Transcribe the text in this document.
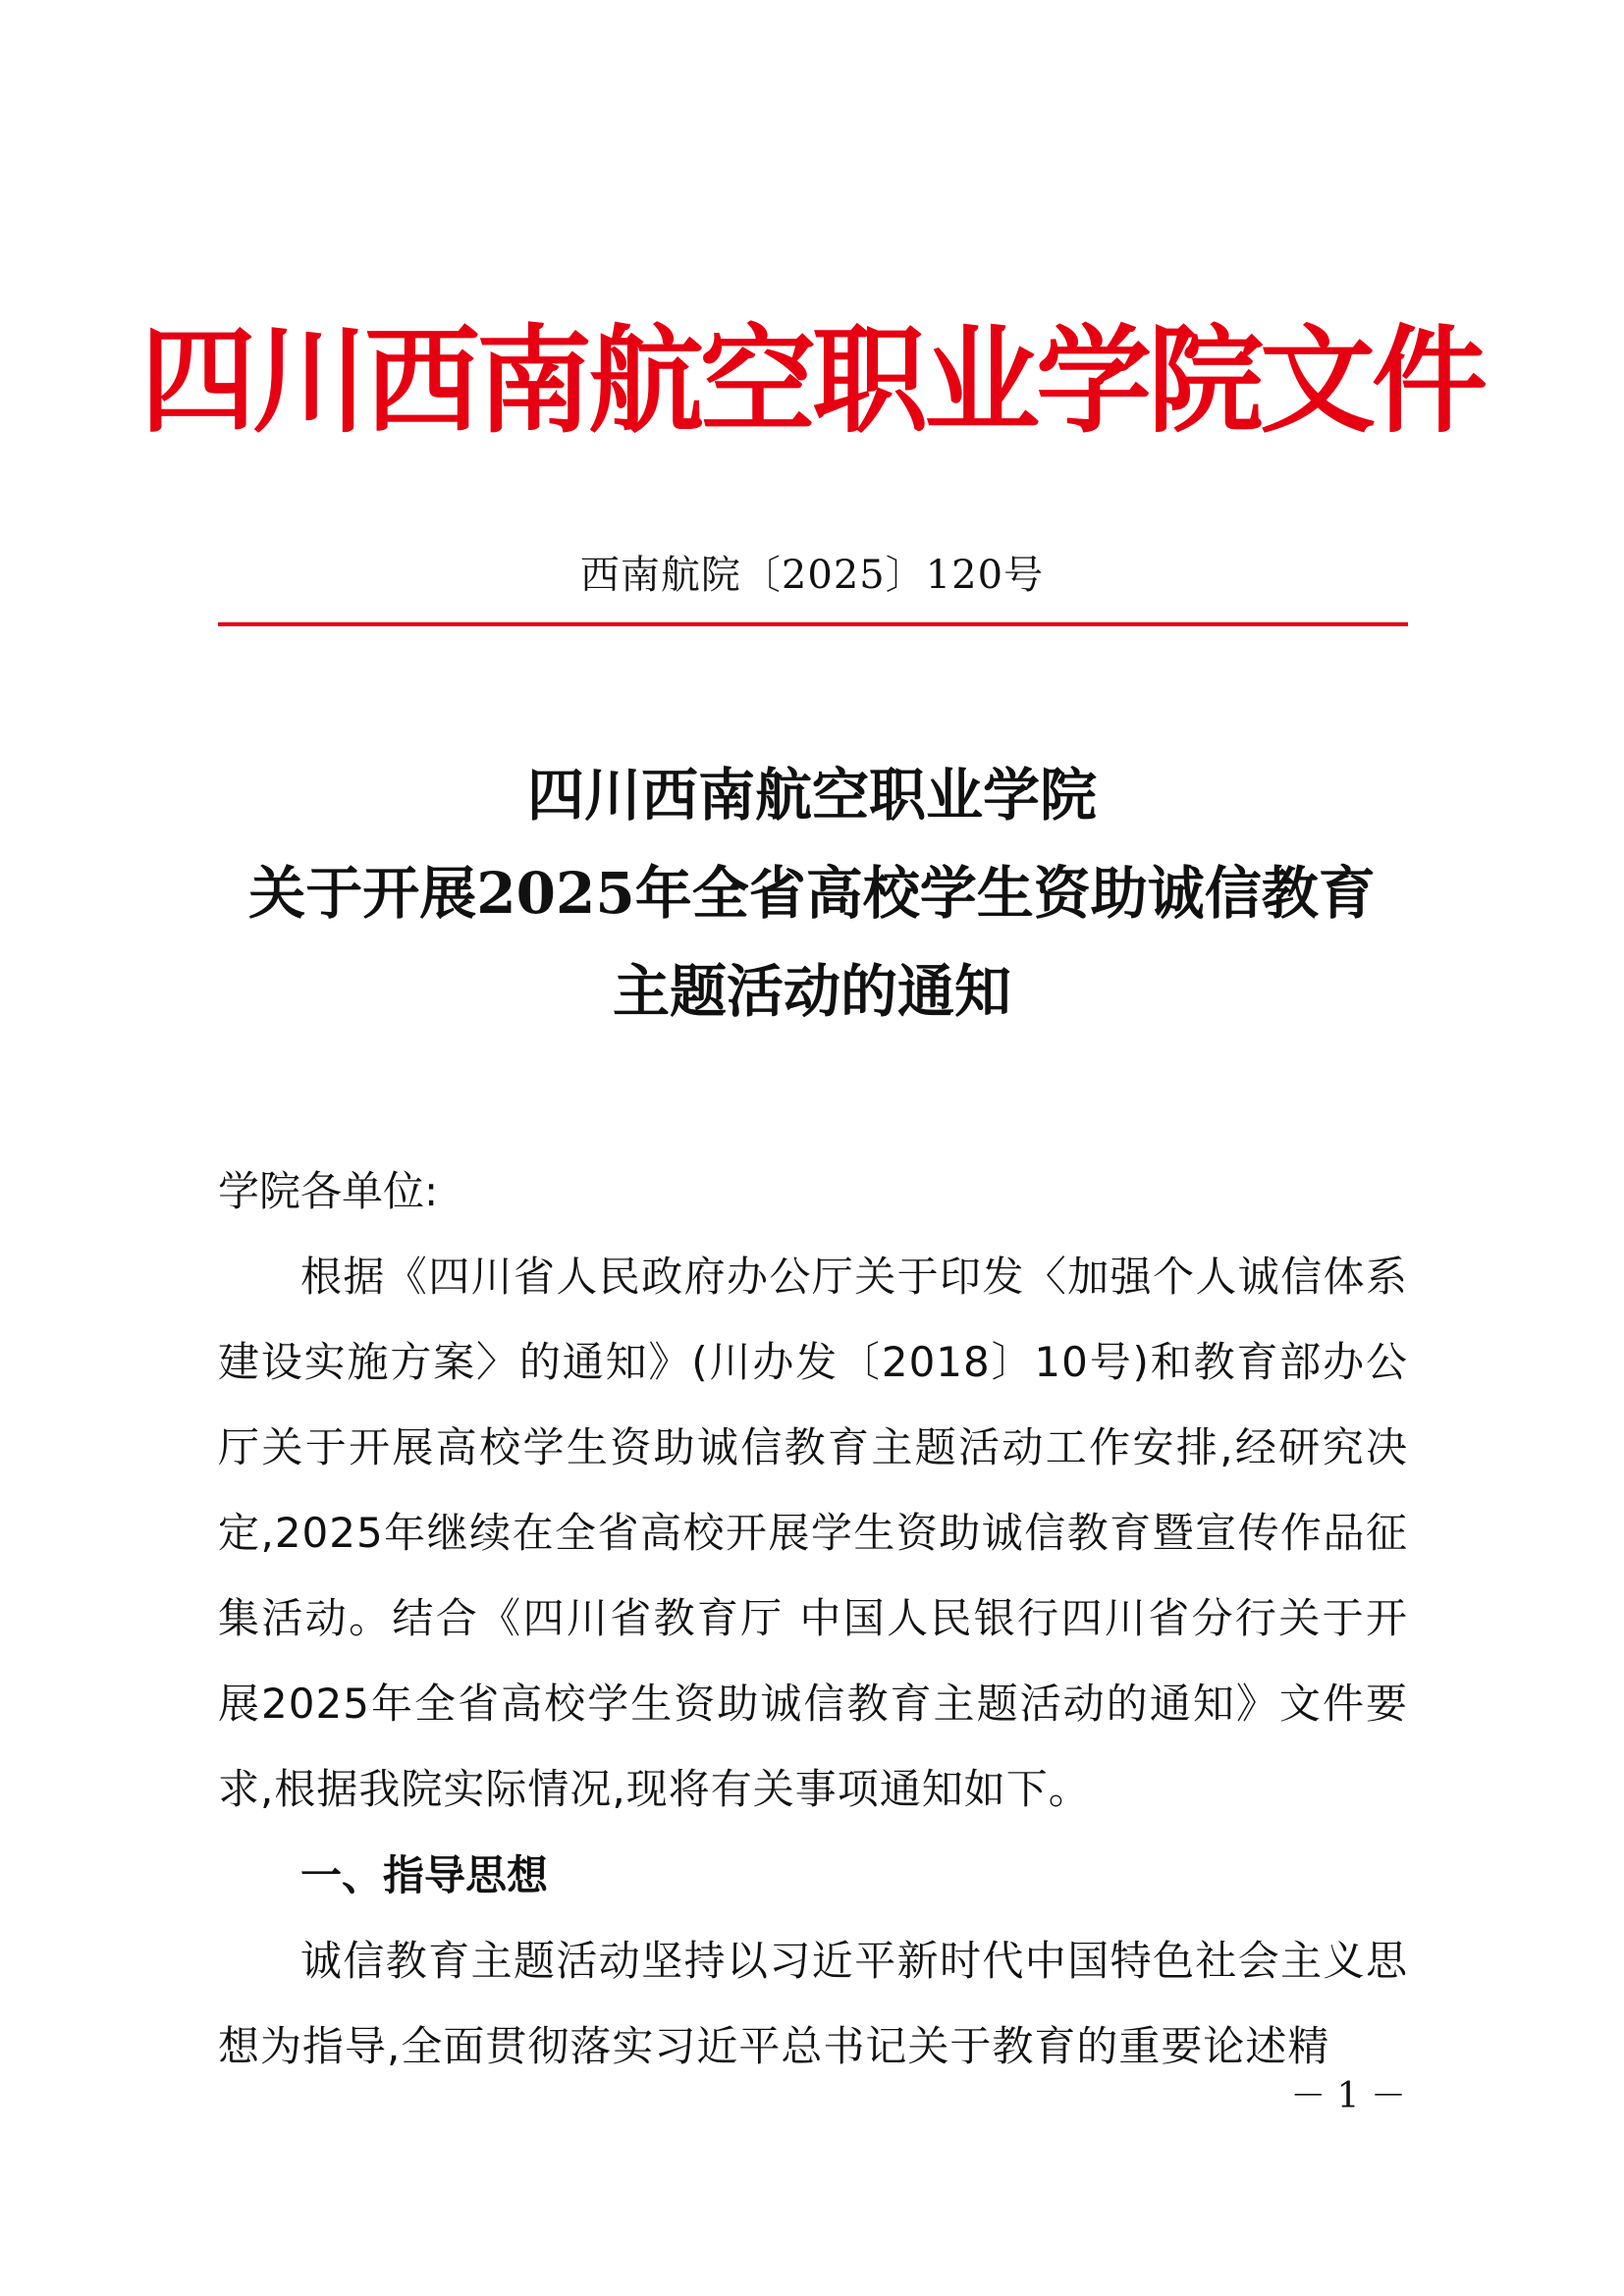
四川西南航空职业学院文件
西南航院〔2025〕120号
四川西南航空职业学院
关于开展2025年全省高校学生资助诚信教育
主题活动的通知
学院各单位:
根据《四川省人民政府办公厅关于印发〈加强个人诚信体系建设实施方案〉的通知》(川办发〔2018〕10号)和教育部办公厅关于开展高校学生资助诚信教育主题活动工作安排,经研究决定,2025年继续在全省高校开展学生资助诚信教育暨宣传作品征集活动。结合《四川省教育厅 中国人民银行四川省分行关于开展2025年全省高校学生资助诚信教育主题活动的通知》文件要求,根据我院实际情况,现将有关事项通知如下。
一、指导思想
诚信教育主题活动坚持以习近平新时代中国特色社会主义思想为指导,全面贯彻落实习近平总书记关于教育的重要论述精
－ 1 －
